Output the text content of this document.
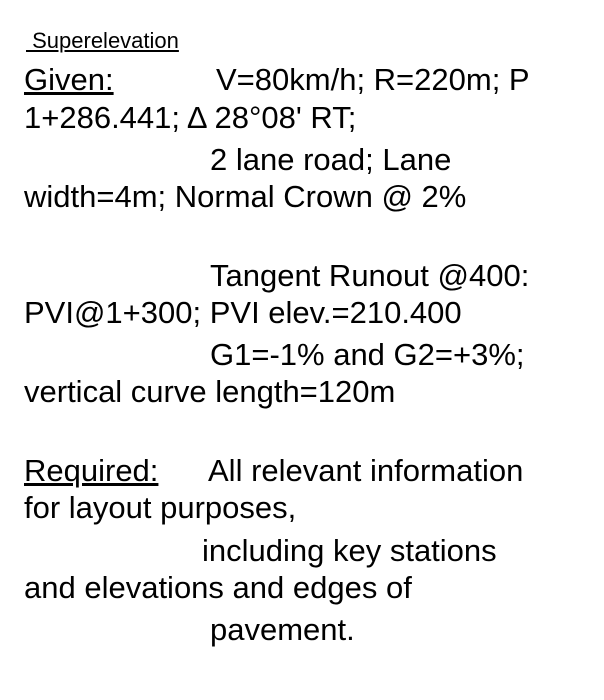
Superelevation
Given:	V=80km/h; R=220m; P
1+286.441; Δ 28°08' RT;
2 lane road; Lane
width=4m; Normal Crown @ 2%
Tangent Runout @400:
PVI@1+300; PVI elev.=210.400
G1=-1% and G2=+3%;
vertical curve length=120m
Required: All relevant information
for layout purposes,
including key stations
and elevations and edges of
pavement.
